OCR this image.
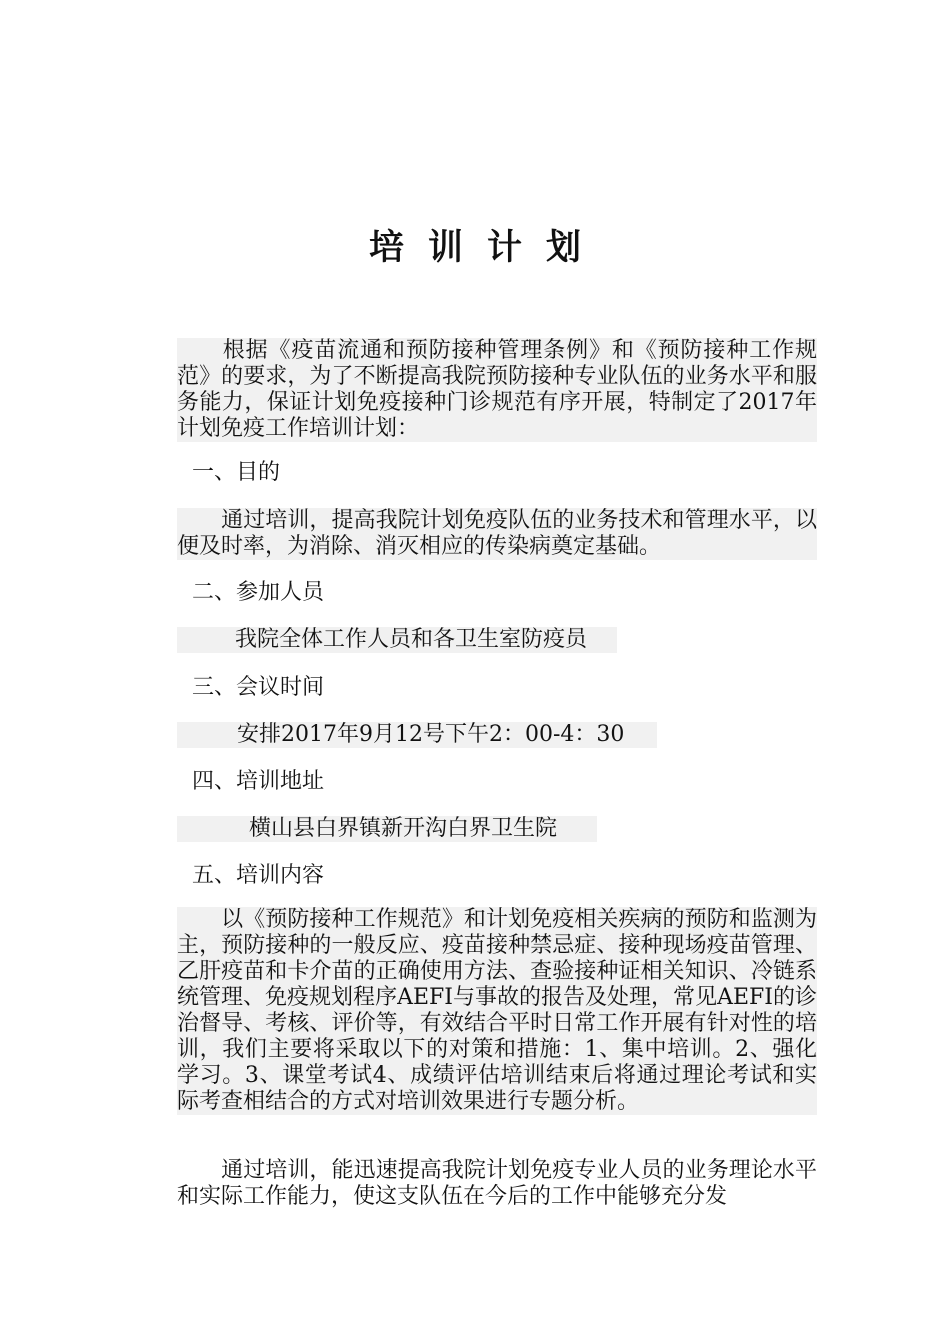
培训计划

　　根据《疫苗流通和预防接种管理条例》和《预防接种工作规范》的要求，为了不断提高我院预防接种专业队伍的业务水平和服务能力，保证计划免疫接种门诊规范有序开展，特制定了2017年计划免疫工作培训计划：

一、目的

　　通过培训，提高我院计划免疫队伍的业务技术和管理水平，以便及时率，为消除、消灭相应的传染病奠定基础。

二、参加人员

我院全体工作人员和各卫生室防疫员

三、会议时间

安排2017年9月12号下午2：00-4：30

四、培训地址

横山县白界镇新开沟白界卫生院

五、培训内容

　　以《预防接种工作规范》和计划免疫相关疾病的预防和监测为主，预防接种的一般反应、疫苗接种禁忌症、接种现场疫苗管理、乙肝疫苗和卡介苗的正确使用方法、查验接种证相关知识、冷链系统管理、免疫规划程序AEFI与事故的报告及处理，常见AEFI的诊治督导、考核、评价等，有效结合平时日常工作开展有针对性的培训，我们主要将采取以下的对策和措施：1、集中培训。2、强化学习。3、课堂考试4、成绩评估培训结束后将通过理论考试和实际考查相结合的方式对培训效果进行专题分析。

　　通过培训，能迅速提高我院计划免疫专业人员的业务理论水平和实际工作能力，使这支队伍在今后的工作中能够充分发
